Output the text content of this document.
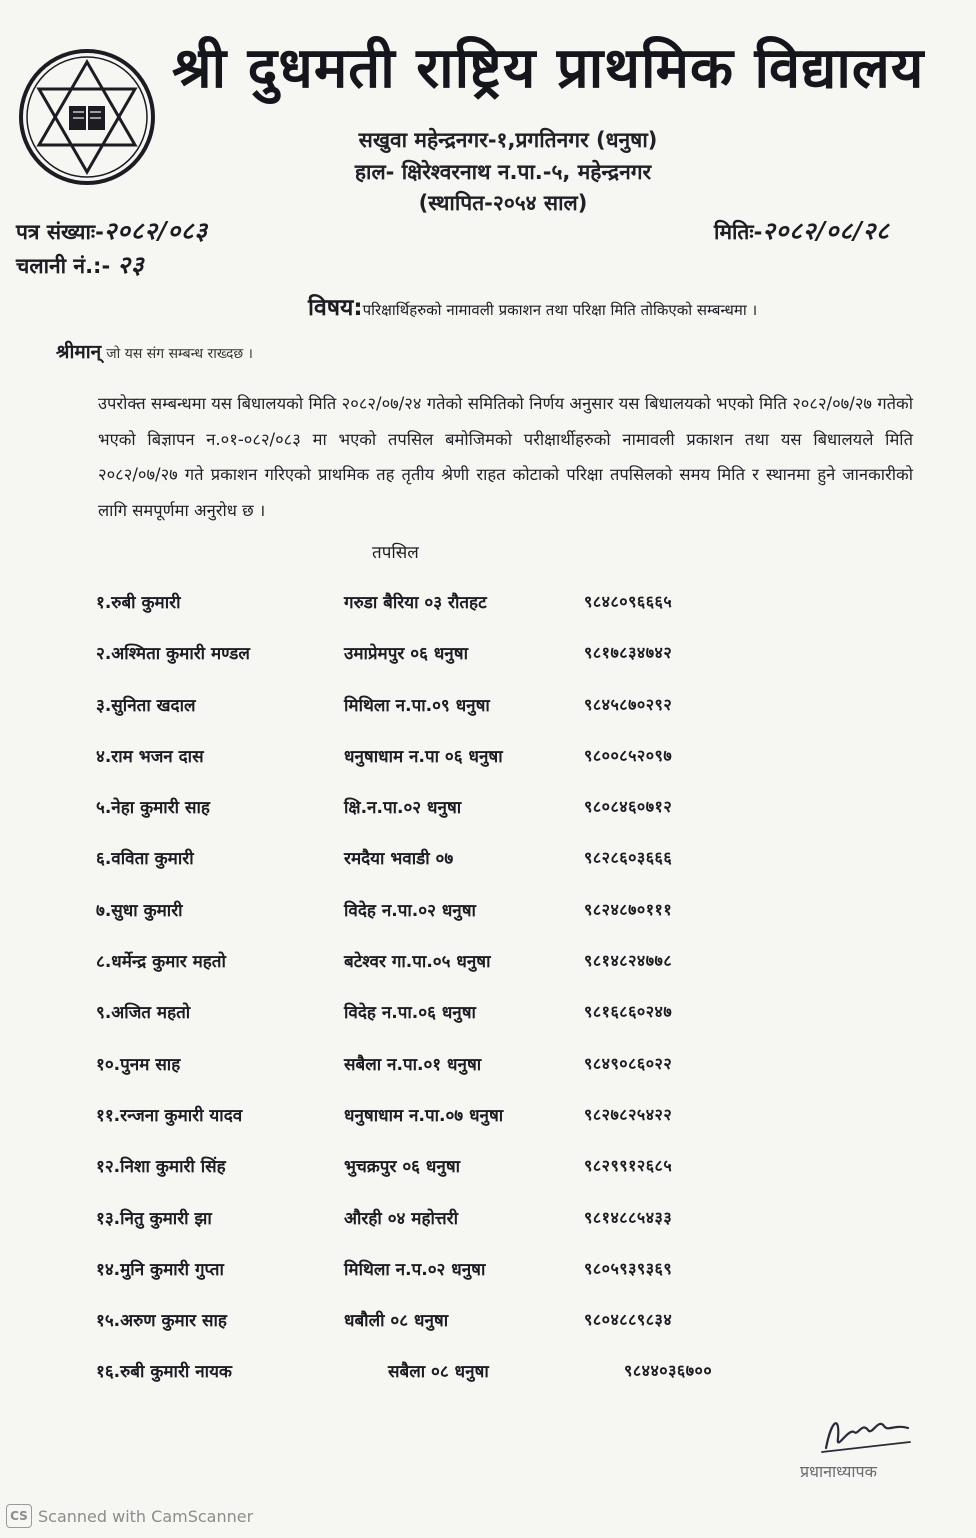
श्री दुधमती राष्ट्रिय प्राथमिक विद्यालय
सखुवा महेन्द्रनगर-१,प्रगतिनगर (धनुषा)
हाल- क्षिरेश्वरनाथ न.पा.-५, महेन्द्रनगर
(स्थापित-२०५४ साल)
पत्र संख्याः-२०८२/०८३
चलानी नं.:- २३
मितिः-२०८२/०८/२८
विषय:परिक्षार्थिहरुको नामावली प्रकाशन तथा परिक्षा मिति तोकिएको सम्बन्धमा ।
श्रीमान् जो यस संग सम्बन्ध राख्दछ ।
उपरोक्त सम्बन्धमा यस बिधालयको मिति २०८२/०७/२४ गतेको समितिको निर्णय अनुसार यस बिधालयको भएको मिति २०८२/०७/२७ गतेको भएको बिज्ञापन न.०१-०८२/०८३ मा भएको तपसिल बमोजिमको परीक्षार्थीहरुको नामावली प्रकाशन तथा यस बिधालयले मिति २०८२/०७/२७ गते प्रकाशन गरिएको प्राथमिक तह तृतीय श्रेणी राहत कोटाको परिक्षा तपसिलको समय मिति र स्थानमा हुने जानकारीको लागि समपूर्णमा अनुरोध छ ।
तपसिल
१.रुबी कुमारी	गरुडा बैरिया ०३ रौतहट	९८४८०९६६६५
२.अश्मिता कुमारी मण्डल	उमाप्रेमपुर ०६ धनुषा	९८१७८३४७४२
३.सुनिता खदाल	मिथिला न.पा.०९ धनुषा	९८४५८७०२९२
४.राम भजन दास	धनुषाधाम न.पा ०६ धनुषा	९८००८५२०९७
५.नेहा कुमारी साह	क्षि.न.पा.०२ धनुषा	९८०८४६०७१२
६.वविता कुमारी	रमदैया भवाडी ०७	९८२८६०३६६६
७.सुधा कुमारी	विदेह न.पा.०२ धनुषा	९८२४८७०१११
८.धर्मेन्द्र कुमार महतो	बटेश्वर गा.पा.०५ धनुषा	९८१४८२४७७८
९.अजित महतो	विदेह न.पा.०६ धनुषा	९८१६८६०२४७
१०.पुनम साह	सबैला न.पा.०१ धनुषा	९८४९०८६०२२
११.रन्जना कुमारी यादव	धनुषाधाम न.पा.०७ धनुषा	९८२७८२५४२२
१२.निशा कुमारी सिंह	भुचक्रपुर ०६ धनुषा	९८२९९१२६८५
१३.नितु कुमारी झा	औरही ०४ महोत्तरी	९८१४८८५४३३
१४.मुनि कुमारी गुप्ता	मिथिला न.प.०२ धनुषा	९८०५९३९३६९
१५.अरुण कुमार साह	धबौली ०८ धनुषा	९८०४८८९८३४
१६.रुबी कुमारी नायक	सबैला ०८ धनुषा	९८४४०३६७००
प्रधानाध्यापक
CS Scanned with CamScanner
